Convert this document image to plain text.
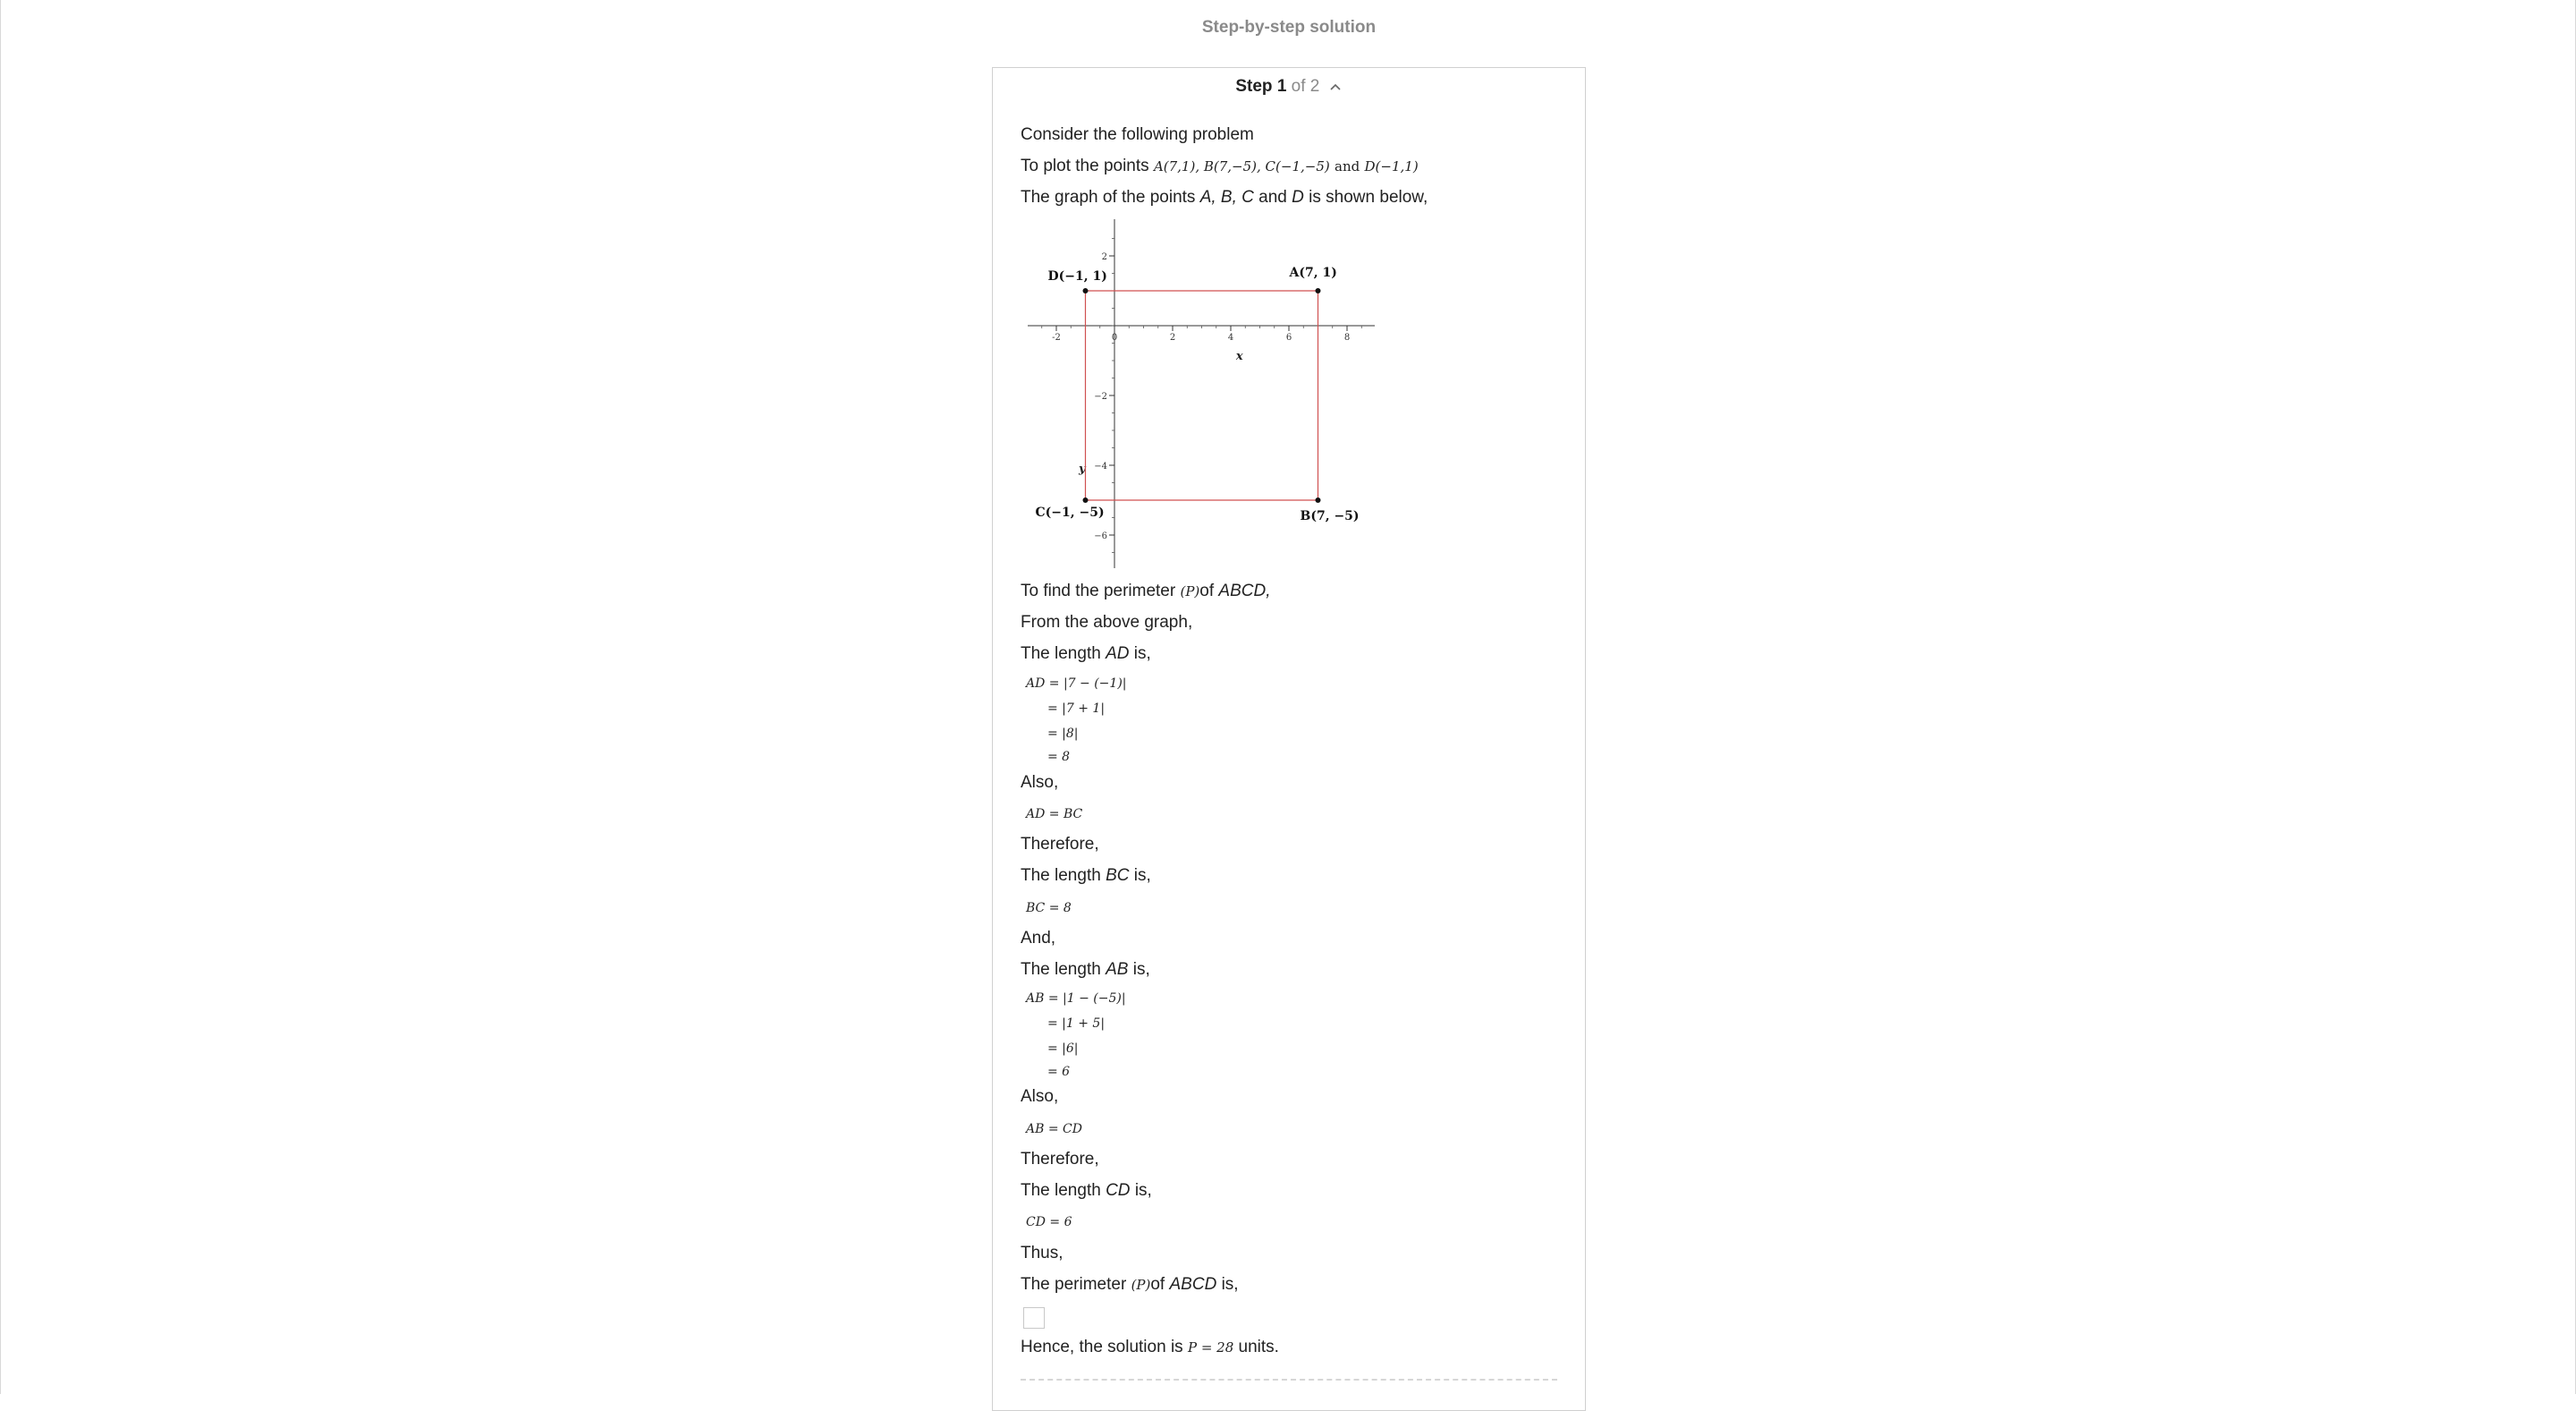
Step-by-step solution
Step 1 of 2
Consider the following problem
To plot the points A(7,1), B(7,−5), C(−1,−5) and D(−1,1)
The graph of the points A, B, C and D is shown below,
-2	0	2	4	6	8
2
−2
−4
−6
x
y
A(7, 1)
B(7, −5)
C(−1, −5)
D(−1, 1)
To find the perimeter (P)of ABCD,
From the above graph,
The length AD is,
AD = |7 − (−1)|
= |7 + 1|
= |8|
= 8
Also,
AD = BC
Therefore,
The length BC is,
BC = 8
And,
The length AB is,
AB = |1 − (−5)|
= |1 + 5|
= |6|
= 6
Also,
AB = CD
Therefore,
The length CD is,
CD = 6
Thus,
The perimeter (P)of ABCD is,
Hence, the solution is P = 28 units.
